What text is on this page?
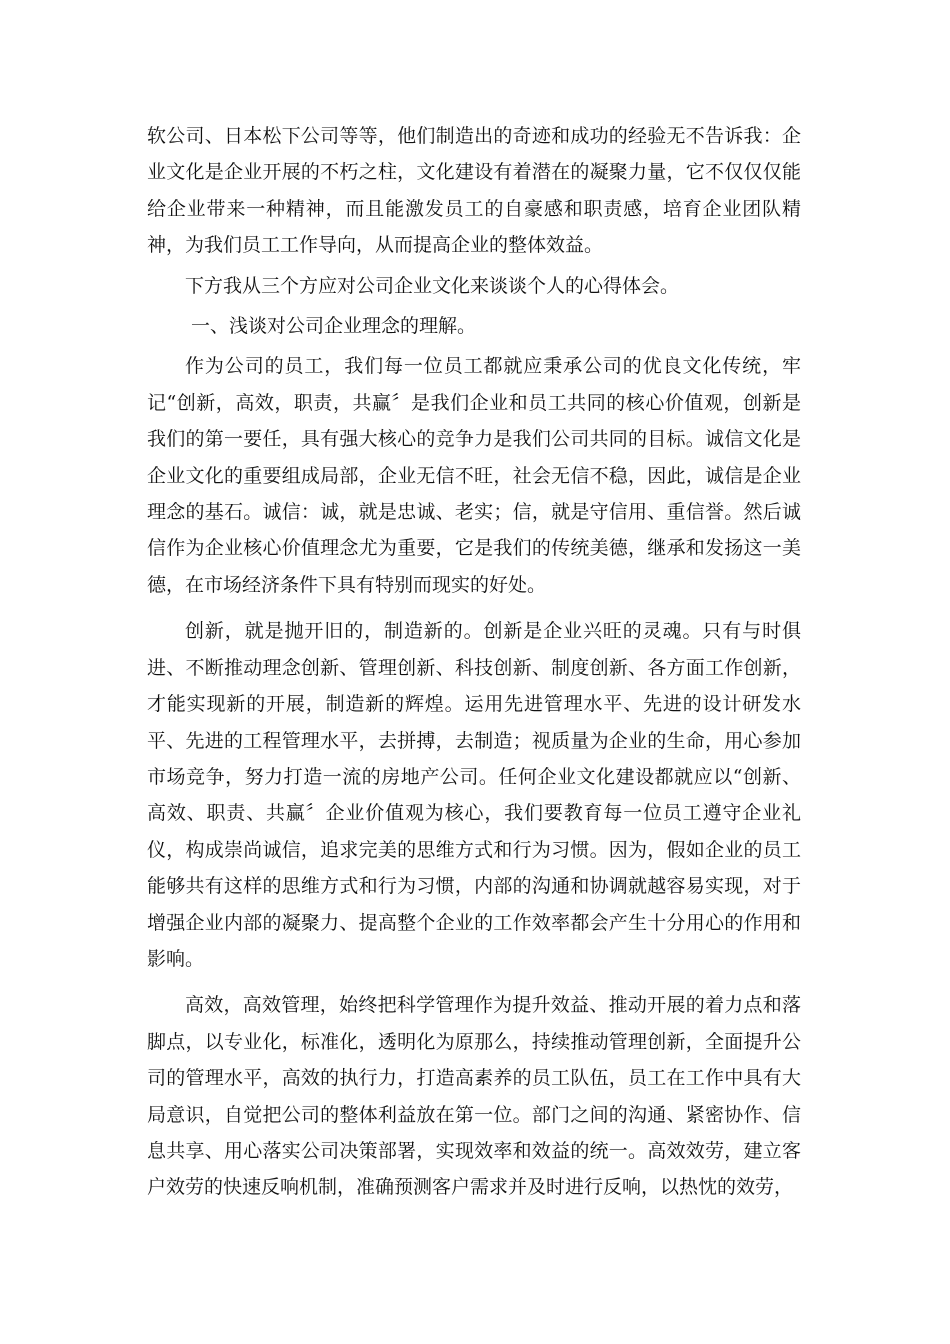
软公司、日本松下公司等等，他们制造出的奇迹和成功的经验无不告诉我：企业文化是企业开展的不朽之柱，文化建设有着潜在的凝聚力量，它不仅仅仅能给企业带来一种精神，而且能激发员工的自豪感和职责感，培育企业团队精神，为我们员工工作导向，从而提高企业的整体效益。

下方我从三个方应对公司企业文化来谈谈个人的心得体会。

一、浅谈对公司企业理念的理解。

作为公司的员工，我们每一位员工都就应秉承公司的优良文化传统，牢记“创新，高效，职责，共赢〞是我们企业和员工共同的核心价值观，创新是我们的第一要任，具有强大核心的竞争力是我们公司共同的目标。诚信文化是企业文化的重要组成局部，企业无信不旺，社会无信不稳，因此，诚信是企业理念的基石。诚信：诚，就是忠诚、老实；信，就是守信用、重信誉。然后诚信作为企业核心价值理念尤为重要，它是我们的传统美德，继承和发扬这一美德，在市场经济条件下具有特别而现实的好处。

创新，就是抛开旧的，制造新的。创新是企业兴旺的灵魂。只有与时俱进、不断推动理念创新、管理创新、科技创新、制度创新、各方面工作创新，才能实现新的开展，制造新的辉煌。运用先进管理水平、先进的设计研发水平、先进的工程管理水平，去拼搏，去制造；视质量为企业的生命，用心参加市场竞争，努力打造一流的房地产公司。任何企业文化建设都就应以“创新、高效、职责、共赢〞企业价值观为核心，我们要教育每一位员工遵守企业礼仪，构成崇尚诚信，追求完美的思维方式和行为习惯。因为，假如企业的员工能够共有这样的思维方式和行为习惯，内部的沟通和协调就越容易实现，对于增强企业内部的凝聚力、提高整个企业的工作效率都会产生十分用心的作用和影响。

高效，高效管理，始终把科学管理作为提升效益、推动开展的着力点和落脚点，以专业化，标准化，透明化为原那么，持续推动管理创新，全面提升公司的管理水平，高效的执行力，打造高素养的员工队伍，员工在工作中具有大局意识，自觉把公司的整体利益放在第一位。部门之间的沟通、紧密协作、信息共享、用心落实公司决策部署，实现效率和效益的统一。高效效劳，建立客户效劳的快速反响机制，准确预测客户需求并及时进行反响，以热忱的效劳，
